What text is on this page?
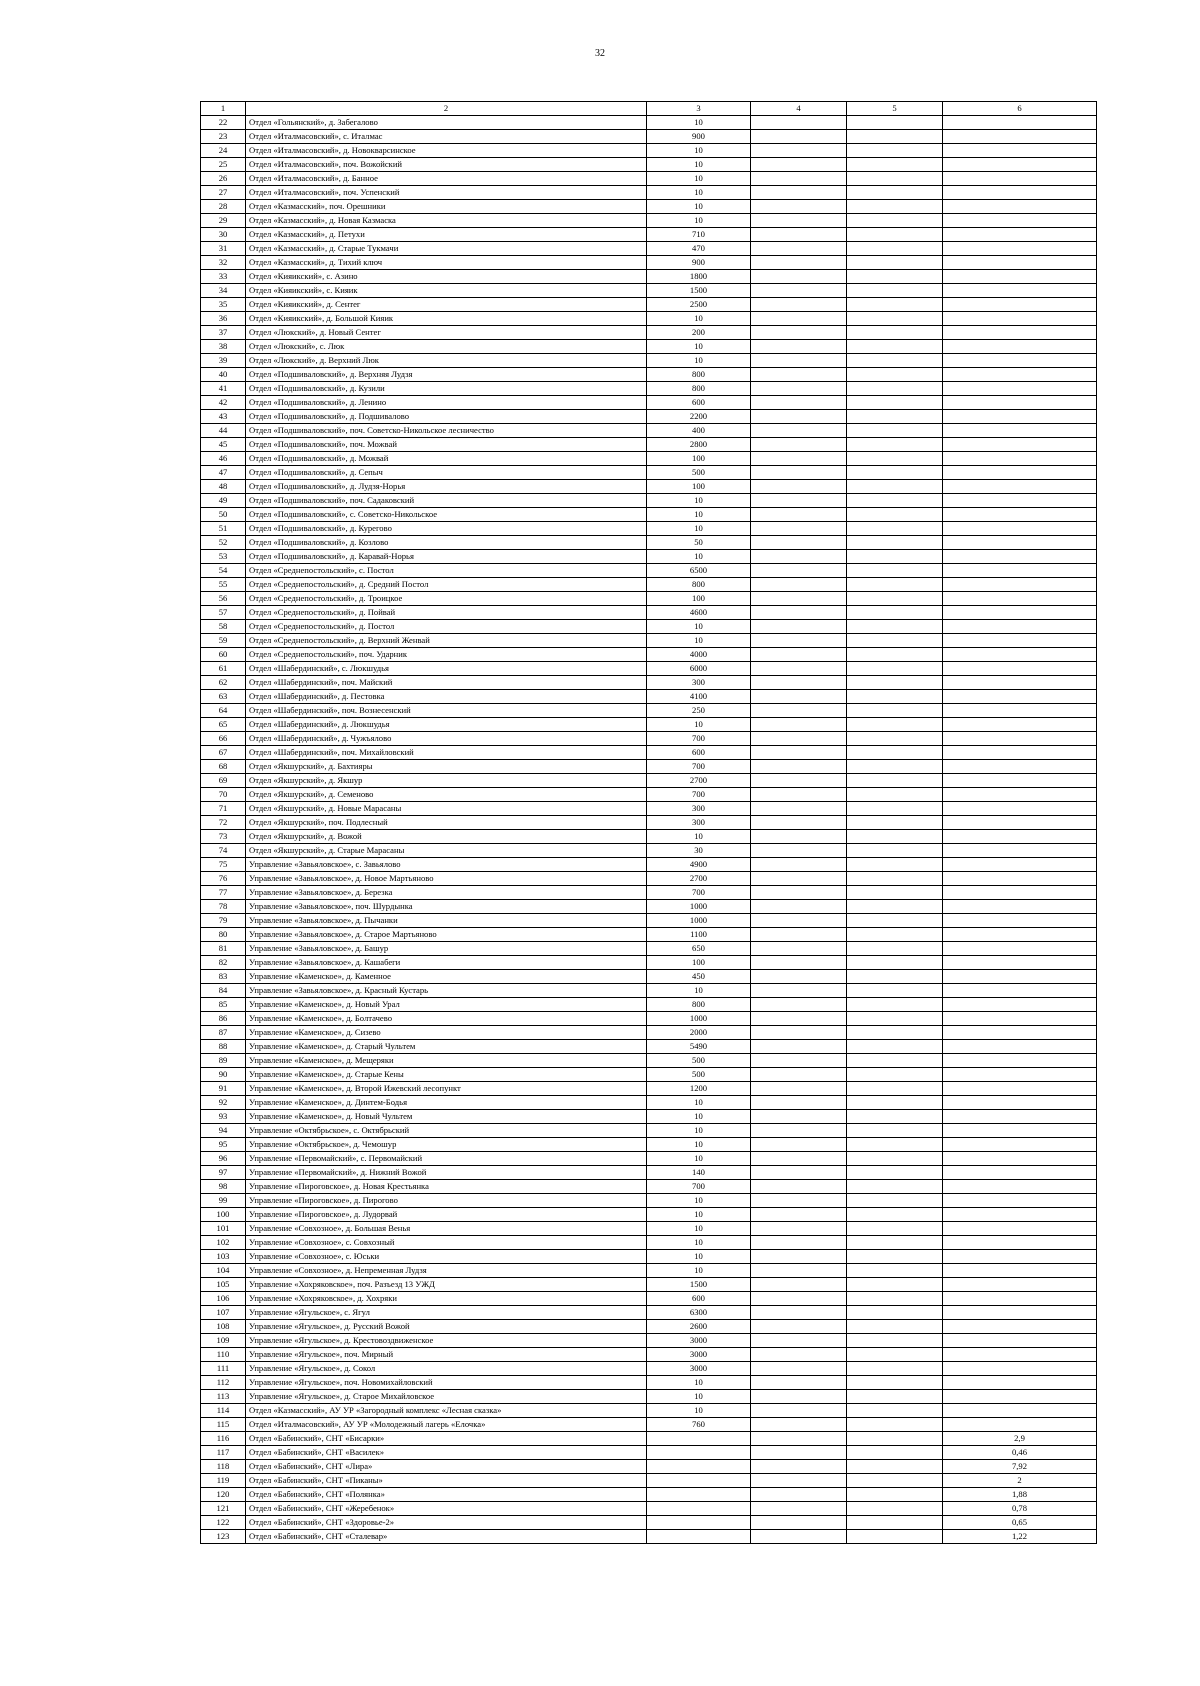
32
1	2	3	4	5	6
22	Отдел «Гольянский», д. Забегалово	10			
23	Отдел «Италмасовский», с. Италмас	900			
24	Отдел «Италмасовский», д. Новокварсинское	10			
25	Отдел «Италмасовский», поч. Вожойский	10			
26	Отдел «Италмасовский», д. Банное	10			
27	Отдел «Италмасовский», поч. Успенский	10			
28	Отдел «Казмасский», поч. Орешники	10			
29	Отдел «Казмасский», д. Новая Казмаска	10			
30	Отдел «Казмасский», д. Петухи	710			
31	Отдел «Казмасский», д. Старые Тукмачи	470			
32	Отдел «Казмасский», д. Тихий ключ	900			
33	Отдел «Кияикский», с. Азино	1800			
34	Отдел «Кияикский», с. Кияик	1500			
35	Отдел «Кияикский», д. Сентег	2500			
36	Отдел «Кияикский», д. Большой Кияик	10			
37	Отдел «Люкский», д. Новый Сентег	200			
38	Отдел «Люкский», с. Люк	10			
39	Отдел «Люкский», д. Верхний Люк	10			
40	Отдел «Подшиваловский», д. Верхняя Лудзя	800			
41	Отдел «Подшиваловский», д. Кузили	800			
42	Отдел «Подшиваловский», д. Ленино	600			
43	Отдел «Подшиваловский», д. Подшивалово	2200			
44	Отдел «Подшиваловский», поч. Советско-Никольское лесничество	400			
45	Отдел «Подшиваловский», поч. Можвай	2800			
46	Отдел «Подшиваловский», д. Можвай	100			
47	Отдел «Подшиваловский», д. Сепыч	500			
48	Отдел «Подшиваловский», д. Лудзя-Норья	100			
49	Отдел «Подшиваловский», поч. Садаковский	10			
50	Отдел «Подшиваловский», с. Советско-Никольское	10			
51	Отдел «Подшиваловский», д. Курегово	10			
52	Отдел «Подшиваловский», д. Козлово	50			
53	Отдел «Подшиваловский», д. Каравай-Норья	10			
54	Отдел «Среднепостольский», с. Постол	6500			
55	Отдел «Среднепостольский», д. Средний Постол	800			
56	Отдел «Среднепостольский», д. Троицкое	100			
57	Отдел «Среднепостольский», д. Пойвай	4600			
58	Отдел «Среднепостольский», д. Постол	10			
59	Отдел «Среднепостольский», д. Верхний Женвай	10			
60	Отдел «Среднепостольский», поч. Ударник	4000			
61	Отдел «Шабердинский», с. Люкшудья	6000			
62	Отдел «Шабердинский», поч. Майский	300			
63	Отдел «Шабердинский», д. Пестовка	4100			
64	Отдел «Шабердинский», поч. Вознесенский	250			
65	Отдел «Шабердинский», д. Люкшудья	10			
66	Отдел «Шабердинский», д. Чужъялово	700			
67	Отдел «Шабердинский», поч. Михайловский	600			
68	Отдел «Якшурский», д. Бахтияры	700			
69	Отдел «Якшурский», д. Якшур	2700			
70	Отдел «Якшурский», д. Семеново	700			
71	Отдел «Якшурский», д. Новые Марасаны	300			
72	Отдел «Якшурский», поч. Подлесный	300			
73	Отдел «Якшурский», д. Вожой	10			
74	Отдел «Якшурский», д. Старые Марасаны	30			
75	Управление «Завьяловское», с. Завьялово	4900			
76	Управление «Завьяловское», д. Новое Мартьяново	2700			
77	Управление «Завьяловское», д. Березка	700			
78	Управление «Завьяловское», поч. Шурдынка	1000			
79	Управление «Завьяловское», д. Пычанки	1000			
80	Управление «Завьяловское», д. Старое Мартьяново	1100			
81	Управление «Завьяловское», д. Башур	650			
82	Управление «Завьяловское», д. Кашабеги	100			
83	Управление «Каменское», д. Каменное	450			
84	Управление «Завьяловское», д. Красный Кустарь	10			
85	Управление «Каменское», д. Новый Урал	800			
86	Управление «Каменское», д. Болтачево	1000			
87	Управление «Каменское», д. Сизево	2000			
88	Управление «Каменское», д. Старый Чультем	5490			
89	Управление «Каменское», д. Мещеряки	500			
90	Управление «Каменское», д. Старые Кены	500			
91	Управление «Каменское», д. Второй Ижевский лесопункт	1200			
92	Управление «Каменское», д. Динтем-Бодья	10			
93	Управление «Каменское», д. Новый Чультем	10			
94	Управление «Октябрьское», с. Октябрьский	10			
95	Управление «Октябрьское», д. Чемошур	10			
96	Управление «Первомайский», с. Первомайский	10			
97	Управление «Первомайский», д. Нижний Вожой	140			
98	Управление «Пироговское», д. Новая Крестьянка	700			
99	Управление «Пироговское», д. Пирогово	10			
100	Управление «Пироговское», д. Лудорвай	10			
101	Управление «Совхозное», д. Большая Венья	10			
102	Управление «Совхозное», с. Совхозный	10			
103	Управление «Совхозное», с. Юськи	10			
104	Управление «Совхозное», д. Непременная Лудзя	10			
105	Управление «Хохряковское», поч. Разъезд 13 УЖД	1500			
106	Управление «Хохряковское», д. Хохряки	600			
107	Управление «Ягульское», с. Ягул	6300			
108	Управление «Ягульское», д. Русский Вожой	2600			
109	Управление «Ягульское», д. Крестовоздвиженское	3000			
110	Управление «Ягульское», поч. Мирный	3000			
111	Управление «Ягульское», д. Сокол	3000			
112	Управление «Ягульское», поч. Новомихайловский	10			
113	Управление «Ягульское», д. Старое Михайловское	10			
114	Отдел «Казмасский», АУ УР «Загородный комплекс «Лесная сказка»	10			
115	Отдел «Италмасовский», АУ УР «Молодежный лагерь «Елочка»	760			
116	Отдел «Бабинский», СНТ «Бисарки»				2,9
117	Отдел «Бабинский», СНТ «Василек»				0,46
118	Отдел «Бабинский», СНТ «Лира»				7,92
119	Отдел «Бабинский», СНТ «Пиканы»				2
120	Отдел «Бабинский», СНТ «Полянка»				1,88
121	Отдел «Бабинский», СНТ «Жеребенок»				0,78
122	Отдел «Бабинский», СНТ «Здоровье-2»				0,65
123	Отдел «Бабинский», СНТ «Сталевар»				1,22
